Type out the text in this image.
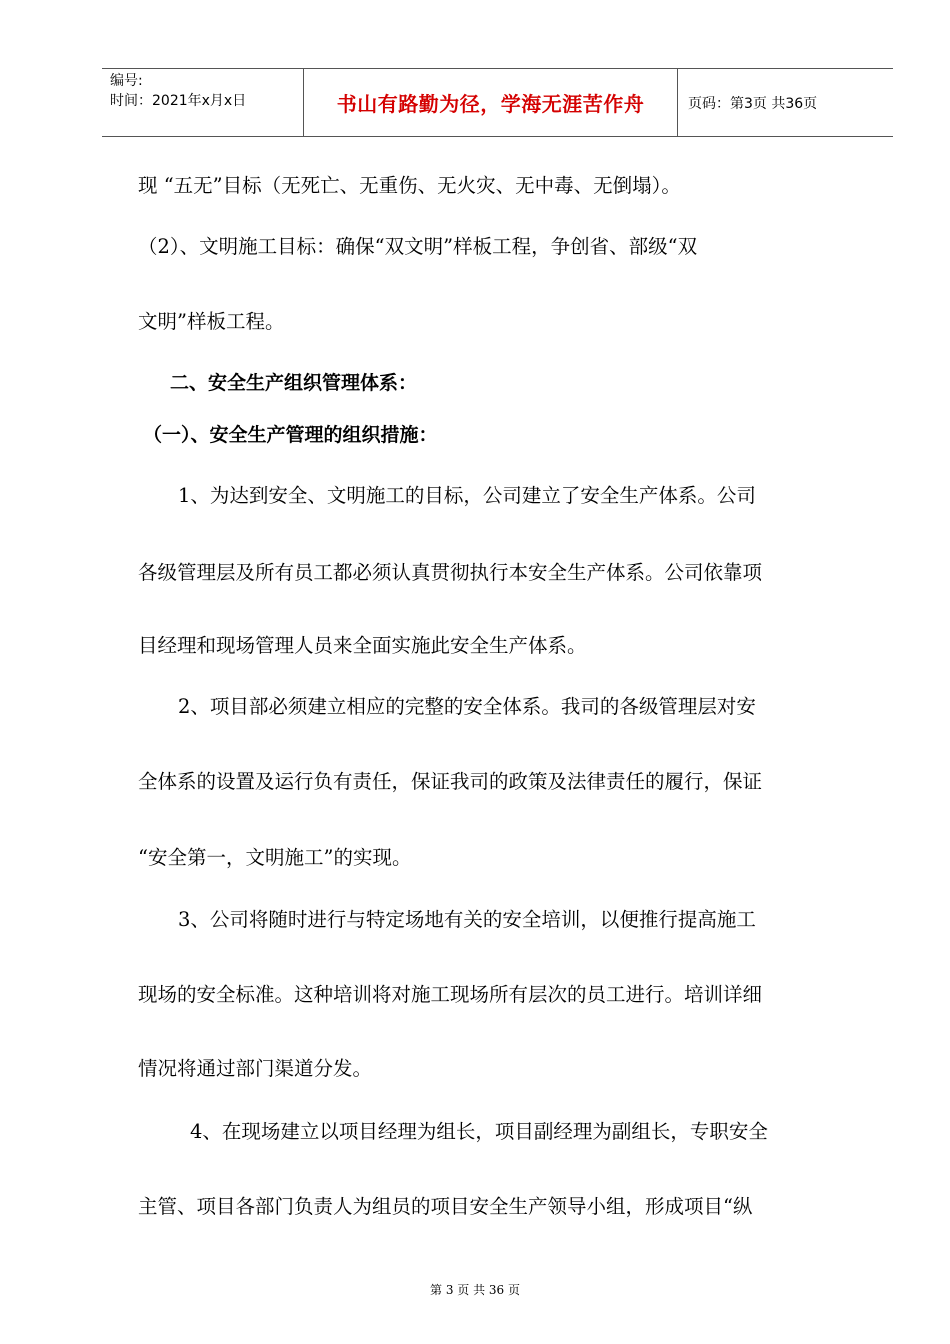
编号:
时间：2021年x月x日	书山有路勤为径，学海无涯苦作舟	页码：第3页 共36页
现 “五无”目标（无死亡、无重伤、无火灾、无中毒、无倒塌）。
（2）、文明施工目标：确保“双文明”样板工程，争创省、部级“双
文明”样板工程。
二、安全生产组织管理体系：
（一）、安全生产管理的组织措施：
1、为达到安全、文明施工的目标，公司建立了安全生产体系。公司
各级管理层及所有员工都必须认真贯彻执行本安全生产体系。公司依靠项
目经理和现场管理人员来全面实施此安全生产体系。
2、项目部必须建立相应的完整的安全体系。我司的各级管理层对安
全体系的设置及运行负有责任，保证我司的政策及法律责任的履行，保证
“安全第一，文明施工”的实现。
3、公司将随时进行与特定场地有关的安全培训，以便推行提高施工
现场的安全标准。这种培训将对施工现场所有层次的员工进行。培训详细
情况将通过部门渠道分发。
4、在现场建立以项目经理为组长，项目副经理为副组长，专职安全
主管、项目各部门负责人为组员的项目安全生产领导小组，形成项目“纵
第 3 页 共 36 页
